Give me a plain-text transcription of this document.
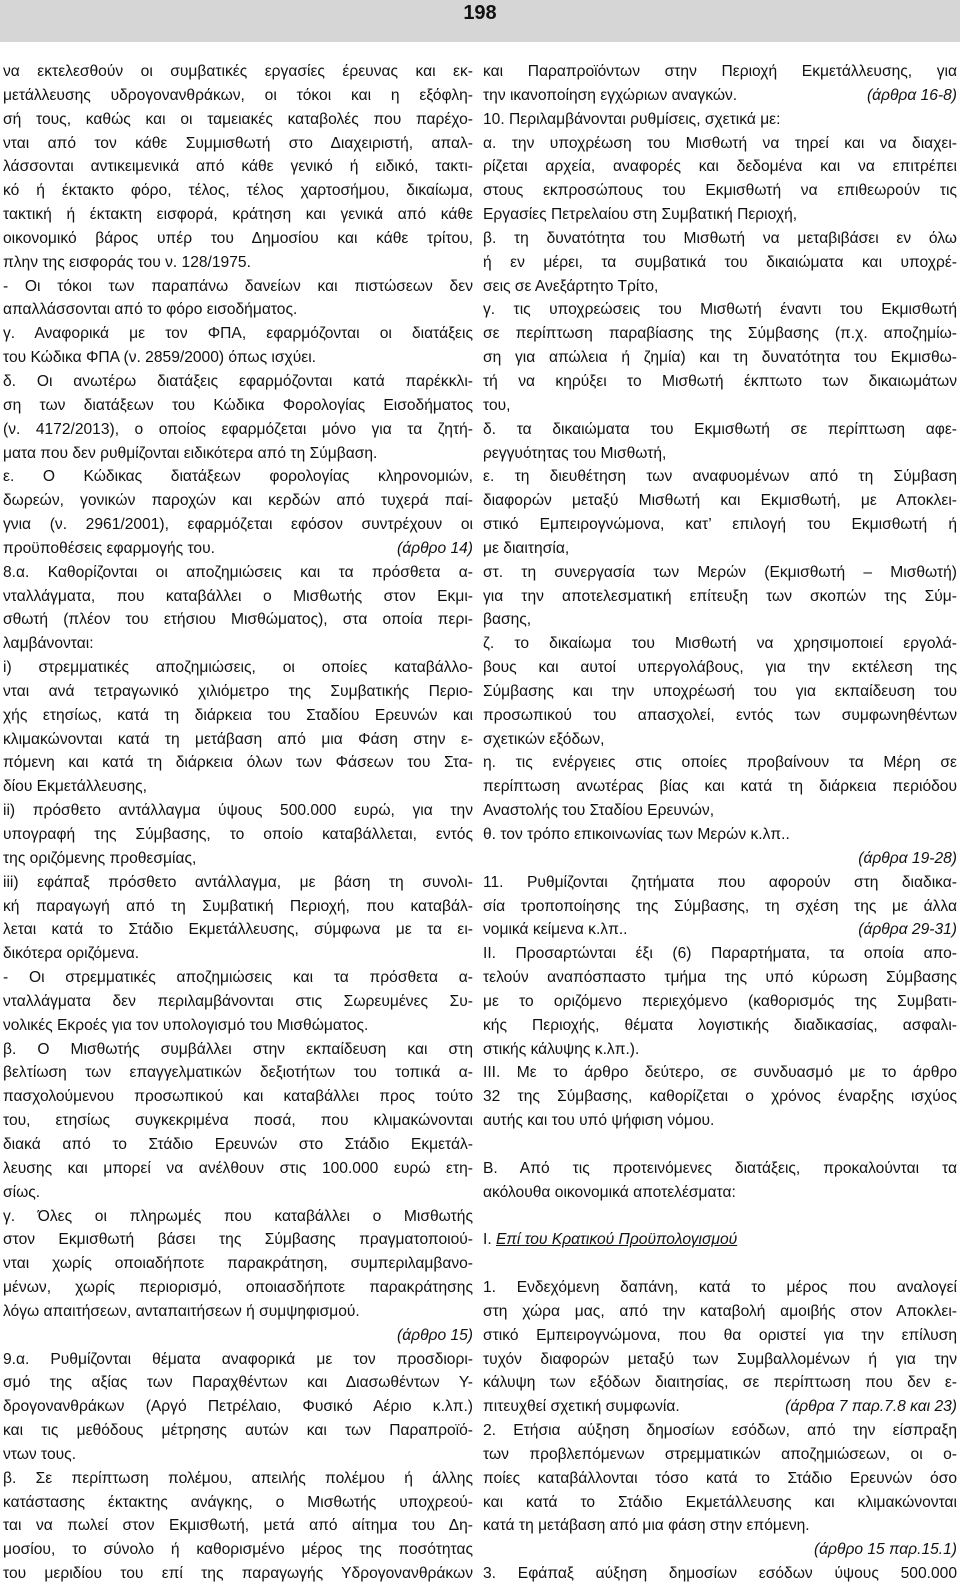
198
να εκτελεσθούν οι συμβατικές εργασίες έρευνας και εκ-
μετάλλευσης υδρογονανθράκων, οι τόκοι και η εξόφλη-
σή τους, καθώς και οι ταμειακές καταβολές που παρέχο-
νται από τον κάθε Συμμισθωτή στο Διαχειριστή, απαλ-
λάσσονται αντικειμενικά από κάθε γενικό ή ειδικό, τακτι-
κό ή έκτακτο φόρο, τέλος, τέλος χαρτοσήμου, δικαίωμα,
τακτική ή έκτακτη εισφορά, κράτηση και γενικά από κάθε
οικονομικό βάρος υπέρ του Δημοσίου και κάθε τρίτου,
πλην της εισφοράς του ν. 128/1975.
- Οι τόκοι των παραπάνω δανείων και πιστώσεων δεν
απαλλάσσονται από το φόρο εισοδήματος.
γ. Αναφορικά με τον ΦΠΑ, εφαρμόζονται οι διατάξεις
του Κώδικα ΦΠΑ (ν. 2859/2000) όπως ισχύει.
δ. Οι ανωτέρω διατάξεις εφαρμόζονται κατά παρέκκλι-
ση των διατάξεων του Κώδικα Φορολογίας Εισοδήματος
(ν. 4172/2013), ο οποίος εφαρμόζεται μόνο για τα ζητή-
ματα που δεν ρυθμίζονται ειδικότερα από τη Σύμβαση.
ε. Ο Κώδικας διατάξεων φορολογίας κληρονομιών,
δωρεών, γονικών παροχών και κερδών από τυχερά παί-
γνια (ν. 2961/2001), εφαρμόζεται εφόσον συντρέχουν οι
προϋποθέσεις εφαρμογής του.	(άρθρο 14)
8.α. Καθορίζονται οι αποζημιώσεις και τα πρόσθετα α-
νταλλάγματα, που καταβάλλει ο Μισθωτής στον Εκμι-
σθωτή (πλέον του ετήσιου Μισθώματος), στα οποία περι-
λαμβάνονται:
i) στρεμματικές αποζημιώσεις, οι οποίες καταβάλλο-
νται ανά τετραγωνικό χιλιόμετρο της Συμβατικής Περιο-
χής ετησίως, κατά τη διάρκεια του Σταδίου Ερευνών και
κλιμακώνονται κατά τη μετάβαση από μια Φάση στην ε-
πόμενη και κατά τη διάρκεια όλων των Φάσεων του Στα-
δίου Εκμετάλλευσης,
ii) πρόσθετο αντάλλαγμα ύψους 500.000 ευρώ, για την
υπογραφή της Σύμβασης, το οποίο καταβάλλεται, εντός
της οριζόμενης προθεσμίας,
iii) εφάπαξ πρόσθετο αντάλλαγμα, με βάση τη συνολι-
κή παραγωγή από τη Συμβατική Περιοχή, που καταβάλ-
λεται κατά το Στάδιο Εκμετάλλευσης, σύμφωνα με τα ει-
δικότερα οριζόμενα.
- Οι στρεμματικές αποζημιώσεις και τα πρόσθετα α-
νταλλάγματα δεν περιλαμβάνονται στις Σωρευμένες Συ-
νολικές Εκροές για τον υπολογισμό του Μισθώματος.
β. Ο Μισθωτής συμβάλλει στην εκπαίδευση και στη
βελτίωση των επαγγελματικών δεξιοτήτων του τοπικά α-
πασχολούμενου προσωπικού και καταβάλλει προς τούτο
του, ετησίως συγκεκριμένα ποσά, που κλιμακώνονται
διακά από το Στάδιο Ερευνών στο Στάδιο Εκμετάλ-
λευσης και μπορεί να ανέλθουν στις 100.000 ευρώ ετη-
σίως.
γ. Όλες οι πληρωμές που καταβάλλει ο Μισθωτής
στον Εκμισθωτή βάσει της Σύμβασης πραγματοποιού-
νται χωρίς οποιαδήποτε παρακράτηση, συμπεριλαμβανο-
μένων, χωρίς περιορισμό, οποιασδήποτε παρακράτησης
λόγω απαιτήσεων, ανταπαιτήσεων ή συμψηφισμού.
(άρθρο 15)
9.α. Ρυθμίζονται θέματα αναφορικά με τον προσδιορι-
σμό της αξίας των Παραχθέντων και Διασωθέντων Υ-
δρογονανθράκων (Αργό Πετρέλαιο, Φυσικό Αέριο κ.λπ.)
και τις μεθόδους μέτρησης αυτών και των Παραπροϊό-
ντων τους.
β. Σε περίπτωση πολέμου, απειλής πολέμου ή άλλης
κατάστασης έκτακτης ανάγκης, ο Μισθωτής υποχρεού-
ται να πωλεί στον Εκμισθωτή, μετά από αίτημα του Δη-
μοσίου, το σύνολο ή καθορισμένο μέρος της ποσότητας
του μεριδίου του επί της παραγωγής Υδρογονανθράκων
και Παραπροϊόντων στην Περιοχή Εκμετάλλευσης, για
την ικανοποίηση εγχώριων αναγκών.	(άρθρα 16-8)
10. Περιλαμβάνονται ρυθμίσεις, σχετικά με:
α. την υποχρέωση του Μισθωτή να τηρεί και να διαχει-
ρίζεται αρχεία, αναφορές και δεδομένα και να επιτρέπει
στους εκπροσώπους του Εκμισθωτή να επιθεωρούν τις
Εργασίες Πετρελαίου στη Συμβατική Περιοχή,
β. τη δυνατότητα του Μισθωτή να μεταβιβάσει εν όλω
ή εν μέρει, τα συμβατικά του δικαιώματα και υποχρέ-
σεις σε Ανεξάρτητο Τρίτο,
γ. τις υποχρεώσεις του Μισθωτή έναντι του Εκμισθωτή
σε περίπτωση παραβίασης της Σύμβασης (π.χ. αποζημίω-
ση για απώλεια ή ζημία) και τη δυνατότητα του Εκμισθω-
τή να κηρύξει το Μισθωτή έκπτωτο των δικαιωμάτων
του,
δ. τα δικαιώματα του Εκμισθωτή σε περίπτωση αφε-
ρεγγυότητας του Μισθωτή,
ε. τη διευθέτηση των αναφυομένων από τη Σύμβαση
διαφορών μεταξύ Μισθωτή και Εκμισθωτή, με Αποκλει-
στικό Εμπειρογνώμονα, κατ’ επιλογή του Εκμισθωτή ή
με διαιτησία,
στ. τη συνεργασία των Μερών (Εκμισθωτή – Μισθωτή)
για την αποτελεσματική επίτευξη των σκοπών της Σύμ-
βασης,
ζ. το δικαίωμα του Μισθωτή να χρησιμοποιεί εργολά-
βους και αυτοί υπεργολάβους, για την εκτέλεση της
Σύμβασης και την υποχρέωσή του για εκπαίδευση του
προσωπικού του απασχολεί, εντός των συμφωνηθέντων
σχετικών εξόδων,
η. τις ενέργειες στις οποίες προβαίνουν τα Μέρη σε
περίπτωση ανωτέρας βίας και κατά τη διάρκεια περιόδου
Αναστολής του Σταδίου Ερευνών,
θ. τον τρόπο επικοινωνίας των Μερών κ.λπ..
(άρθρα 19-28)
11. Ρυθμίζονται ζητήματα που αφορούν στη διαδικα-
σία τροποποίησης της Σύμβασης, τη σχέση της με άλλα
νομικά κείμενα κ.λπ..	(άρθρα 29-31)
ΙΙ. Προσαρτώνται έξι (6) Παραρτήματα, τα οποία απο-
τελούν αναπόσπαστο τμήμα της υπό κύρωση Σύμβασης
με το οριζόμενο περιεχόμενο (καθορισμός της Συμβατι-
κής Περιοχής, θέματα λογιστικής διαδικασίας, ασφαλι-
στικής κάλυψης κ.λπ.).
ΙΙΙ. Με το άρθρο δεύτερο, σε συνδυασμό με το άρθρο
32 της Σύμβασης, καθορίζεται ο χρόνος έναρξης ισχύος
αυτής και του υπό ψήφιση νόμου.
Β. Από τις προτεινόμενες διατάξεις, προκαλούνται τα
ακόλουθα οικονομικά αποτελέσματα:
Ι. Επί του Κρατικού Προϋπολογισμού
1. Ενδεχόμενη δαπάνη, κατά το μέρος που αναλογεί
στη χώρα μας, από την καταβολή αμοιβής στον Αποκλει-
στικό Εμπειρογνώμονα, που θα οριστεί για την επίλυση
τυχόν διαφορών μεταξύ των Συμβαλλομένων ή για την
κάλυψη των εξόδων διαιτησίας, σε περίπτωση που δεν ε-
πιτευχθεί σχετική συμφωνία.	(άρθρα 7 παρ.7.8 και 23)
2. Ετήσια αύξηση δημοσίων εσόδων, από την είσπραξη
των προβλεπόμενων στρεμματικών αποζημιώσεων, οι ο-
ποίες καταβάλλονται τόσο κατά το Στάδιο Ερευνών όσο
και κατά το Στάδιο Εκμετάλλευσης και κλιμακώνονται
κατά τη μετάβαση από μια φάση στην επόμενη.
(άρθρο 15 παρ.15.1)
3. Εφάπαξ αύξηση δημοσίων εσόδων ύψους 500.000
